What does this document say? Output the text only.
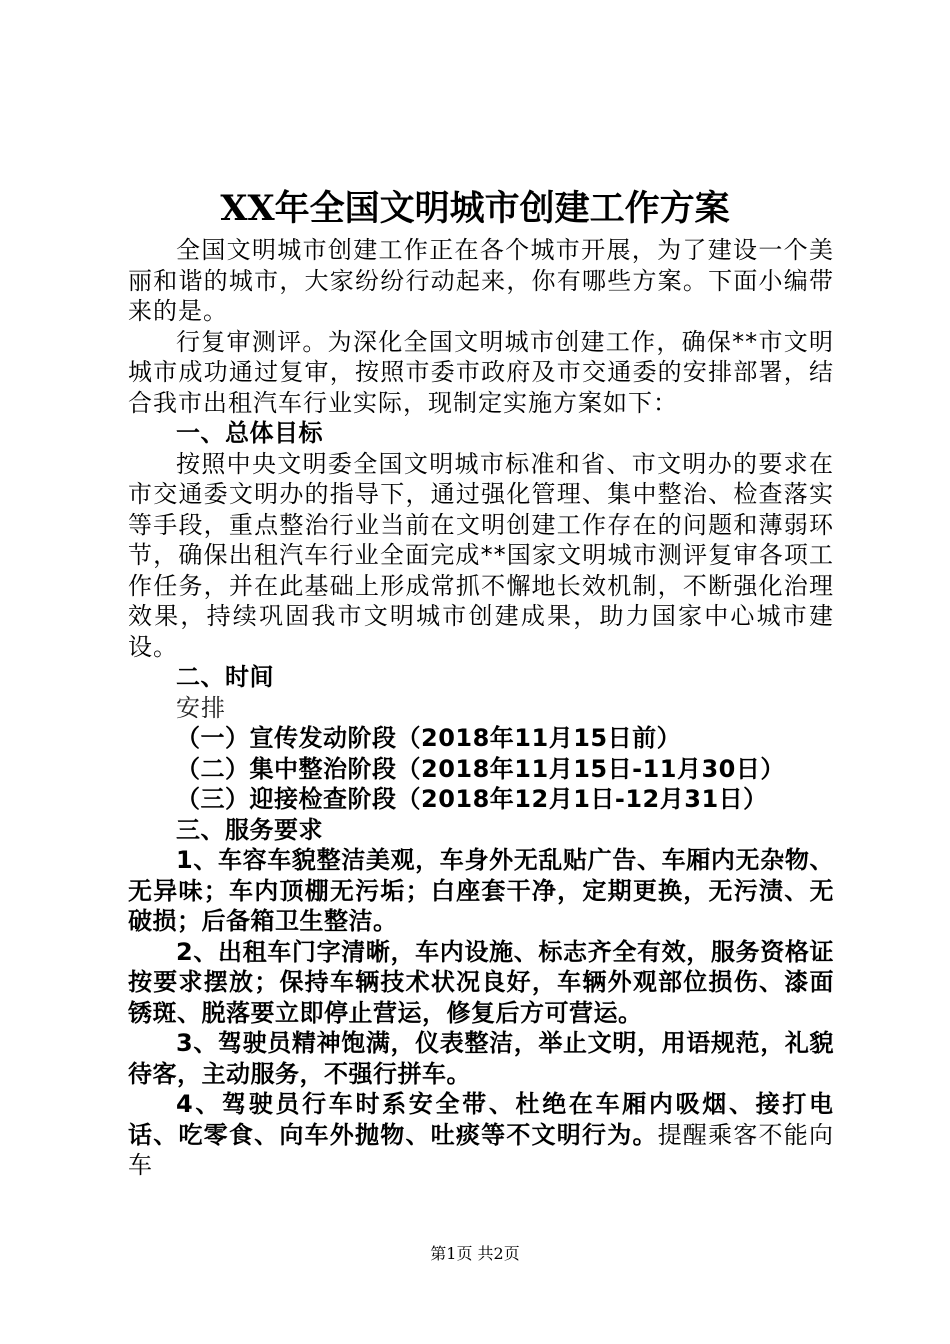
XX年全国文明城市创建工作方案

全国文明城市创建工作正在各个城市开展，为了建设一个美丽和谐的城市，大家纷纷行动起来，你有哪些方案。下面小编带来的是。

行复审测评。为深化全国文明城市创建工作，确保**市文明城市成功通过复审，按照市委市政府及市交通委的安排部署，结合我市出租汽车行业实际，现制定实施方案如下：

一、总体目标

按照中央文明委全国文明城市标准和省、市文明办的要求在市交通委文明办的指导下，通过强化管理、集中整治、检查落实等手段，重点整治行业当前在文明创建工作存在的问题和薄弱环节，确保出租汽车行业全面完成**国家文明城市测评复审各项工作任务，并在此基础上形成常抓不懈地长效机制，不断强化治理效果，持续巩固我市文明城市创建成果，助力国家中心城市建设。

二、时间

安排

（一）宣传发动阶段（2018年11月15日前）

（二）集中整治阶段（2018年11月15日-11月30日）

（三）迎接检查阶段（2018年12月1日-12月31日）

三、服务要求

1、车容车貌整洁美观，车身外无乱贴广告、车厢内无杂物、无异味；车内顶棚无污垢；白座套干净，定期更换，无污渍、无破损；后备箱卫生整洁。

2、出租车门字清晰，车内设施、标志齐全有效，服务资格证按要求摆放；保持车辆技术状况良好，车辆外观部位损伤、漆面锈斑、脱落要立即停止营运，修复后方可营运。

3、驾驶员精神饱满，仪表整洁，举止文明，用语规范，礼貌待客，主动服务，不强行拼车。

4、驾驶员行车时系安全带、杜绝在车厢内吸烟、接打电话、吃零食、向车外抛物、吐痰等不文明行为。提醒乘客不能向车

第1页 共2页
